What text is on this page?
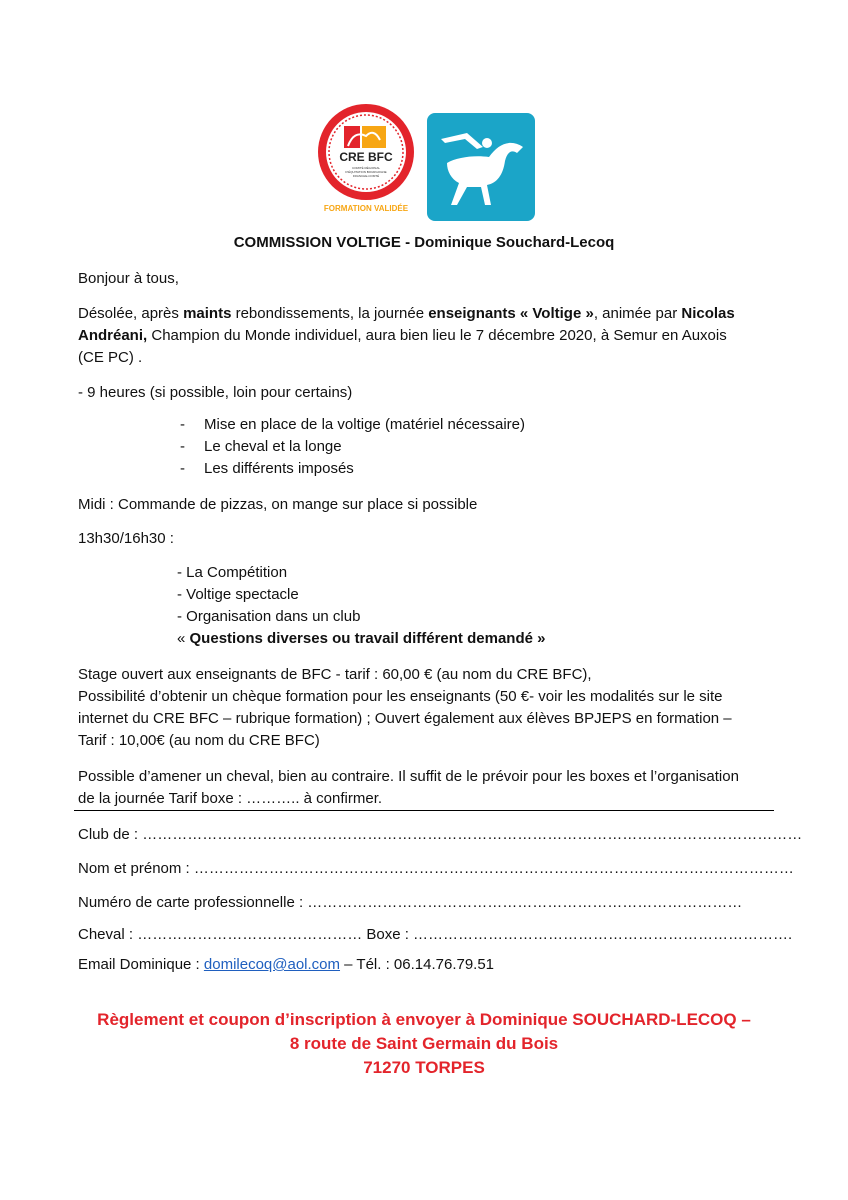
CRE BFC
COMITÉ RÉGIONAL D'ÉQUITATION BOURGOGNE FRANCHE-COMTÉ
FORMATION VALIDÉE
COMMISSION VOLTIGE - Dominique Souchard-Lecoq
Bonjour à tous,
Désolée, après maints rebondissements, la journée enseignants « Voltige », animée par Nicolas
Andréani, Champion du Monde individuel, aura bien lieu le 7 décembre 2020, à Semur en Auxois
(CE PC) .
- 9 heures (si possible, loin pour certains)
- Mise en place de la voltige (matériel nécessaire)
- Le cheval et la longe
- Les différents imposés
Midi : Commande de pizzas, on mange sur place si possible
13h30/16h30 :
- La Compétition
- Voltige spectacle
- Organisation dans un club
« Questions diverses ou travail différent demandé »
Stage ouvert aux enseignants de BFC - tarif : 60,00 € (au nom du CRE BFC),
Possibilité d’obtenir un chèque formation pour les enseignants (50 €- voir les modalités sur le site
internet du CRE BFC – rubrique formation) ; Ouvert également aux élèves BPJEPS en formation –
Tarif : 10,00€ (au nom du CRE BFC)
Possible d’amener un cheval, bien au contraire. Il suffit de le prévoir pour les boxes et l’organisation
de la journée Tarif boxe : ……….. à confirmer.
Club de : ……………………………………………………………………………………………………………………
Nom et prénom : …………………………………………………………………………………………………………
Numéro de carte professionnelle : ……………………………………………………………………………
Cheval : ……………………………………… Boxe : ………………………………………………………………….
Email Dominique : domilecoq@aol.com – Tél. : 06.14.76.79.51
Règlement et coupon d’inscription à envoyer à Dominique SOUCHARD-LECOQ –
8 route de Saint Germain du Bois
71270 TORPES
